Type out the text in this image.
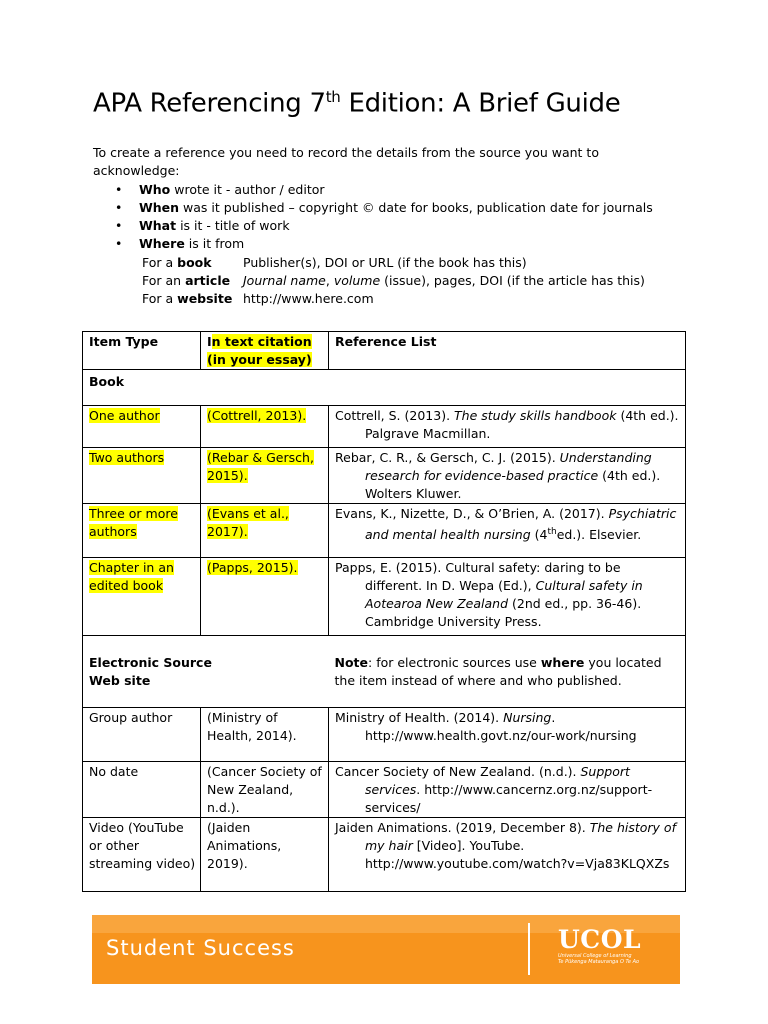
APA Referencing 7th Edition: A Brief Guide

To create a reference you need to record the details from the source you want to acknowledge:

• Who wrote it - author / editor
• When was it published – copyright © date for books, publication date for journals
• What is it - title of work
• Where is it from
For a book	Publisher(s), DOI or URL (if the book has this)
For an article	Journal name, volume (issue), pages, DOI (if the article has this)
For a website http://www.here.com
Item Type	In text citation (in your essay)	Reference List
Book		
One author	(Cottrell, 2013).	Cottrell, S. (2013). The study skills handbook (4th ed.). Palgrave Macmillan.

Two authors	(Rebar & Gersch, 2015).	Rebar, C. R., & Gersch, C. J. (2015). Understanding research for evidence-based practice (4th ed.). Wolters Kluwer.

Three or more authors	(Evans et al., 2017).	Evans, K., Nizette, D., & O’Brien, A. (2017). Psychiatric and mental health nursing (4thed.). Elsevier.

Chapter in an edited book	(Papps, 2015).	Papps, E. (2015). Cultural safety: daring to be different. In D. Wepa (Ed.), Cultural safety in Aotearoa New Zealand (2nd ed., pp. 36-46). Cambridge University Press.

Electronic Source
Web site		Note: for electronic sources use where you located the item instead of where and who published.
Group author	(Ministry of Health, 2014).	Ministry of Health. (2014). Nursing. http://www.health.govt.nz/our-work/nursing

No date	(Cancer Society of New Zealand, n.d.).	Cancer Society of New Zealand. (n.d.). Support services. http://www.cancernz.org.nz/support-services/

Video (YouTube or other streaming video)	(Jaiden Animations, 2019).	Jaiden Animations. (2019, December 8). The history of my hair [Video]. YouTube. http://www.youtube.com/watch?v=Vja83KLQXZs
Student Success	UCOL
Universal College of Learning
Te Pūkenga Matauranga O Te Ao
